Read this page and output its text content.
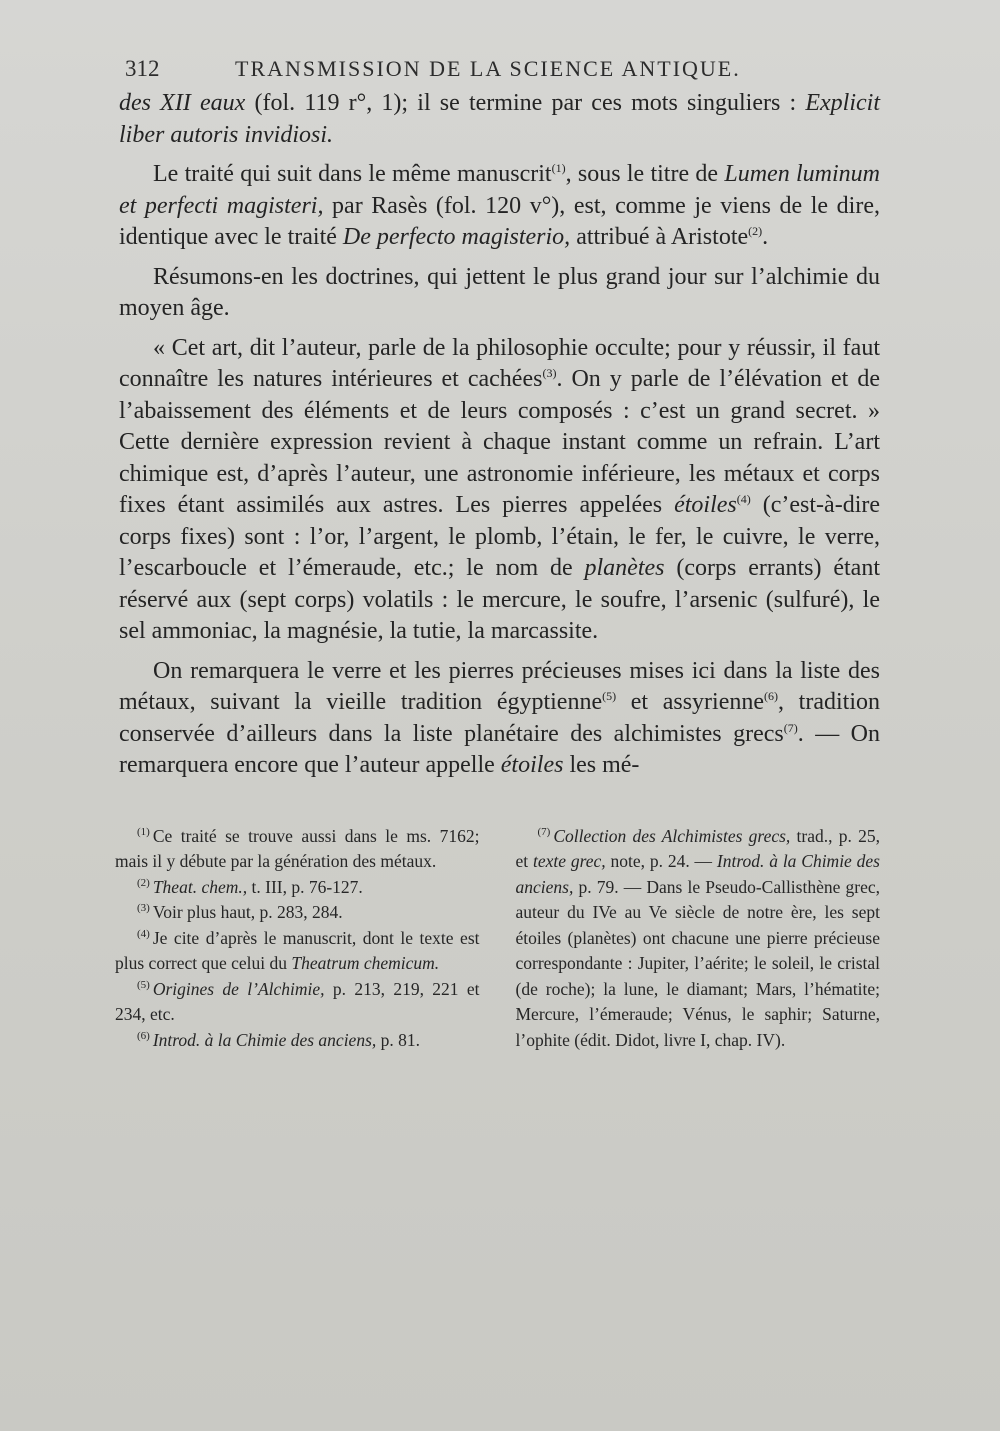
312	TRANSMISSION DE LA SCIENCE ANTIQUE.

des XII eaux (fol. 119 r°, 1); il se termine par ces mots singuliers : Explicit liber autoris invidiosi.

Le traité qui suit dans le même manuscrit$^{(1)}$, sous le titre de Lumen luminum et perfecti magisteri, par Rasès (fol. 120 v°), est, comme je viens de le dire, identique avec le traité De perfecto magisterio, attribué à Aristote$^{(2)}$.

Résumons-en les doctrines, qui jettent le plus grand jour sur l’alchimie du moyen âge.

« Cet art, dit l’auteur, parle de la philosophie occulte; pour y réussir, il faut connaître les natures intérieures et cachées$^{(3)}$. On y parle de l’élévation et de l’abaissement des éléments et de leurs composés : c’est un grand secret. » Cette dernière expression revient à chaque instant comme un refrain. L’art chimique est, d’après l’auteur, une astronomie inférieure, les métaux et corps fixes étant assimilés aux astres. Les pierres appelées étoiles$^{(4)}$ (c’est-à-dire corps fixes) sont : l’or, l’argent, le plomb, l’étain, le fer, le cuivre, le verre, l’escarboucle et l’émeraude, etc.; le nom de planètes (corps errants) étant réservé aux (sept corps) volatils : le mercure, le soufre, l’arsenic (sulfuré), le sel ammoniac, la magnésie, la tutie, la marcassite.

On remarquera le verre et les pierres précieuses mises ici dans la liste des métaux, suivant la vieille tradition égyptienne$^{(5)}$ et assyrienne$^{(6)}$, tradition conservée d’ailleurs dans la liste planétaire des alchimistes grecs$^{(7)}$. — On remarquera encore que l’auteur appelle étoiles les mé-

$^{(1)}$ Ce traité se trouve aussi dans le ms. 7162; mais il y débute par la génération des métaux.

$^{(2)}$ Theat. chem., t. III, p. 76-127.

$^{(3)}$ Voir plus haut, p. 283, 284.

$^{(4)}$ Je cite d’après le manuscrit, dont le texte est plus correct que celui du Theatrum chemicum.

$^{(5)}$ Origines de l’Alchimie, p. 213, 219, 221 et 234, etc.

$^{(6)}$ Introd. à la Chimie des anciens, p. 81.

$^{(7)}$ Collection des Alchimistes grecs, trad., p. 25, et texte grec, note, p. 24. — Introd. à la Chimie des anciens, p. 79. — Dans le Pseudo-Callisthène grec, auteur du IVe au Ve siècle de notre ère, les sept étoiles (planètes) ont chacune une pierre précieuse correspondante : Jupiter, l’aérite; le soleil, le cristal (de roche); la lune, le diamant; Mars, l’hématite; Mercure, l’émeraude; Vénus, le saphir; Saturne, l’ophite (édit. Didot, livre I, chap. IV).
